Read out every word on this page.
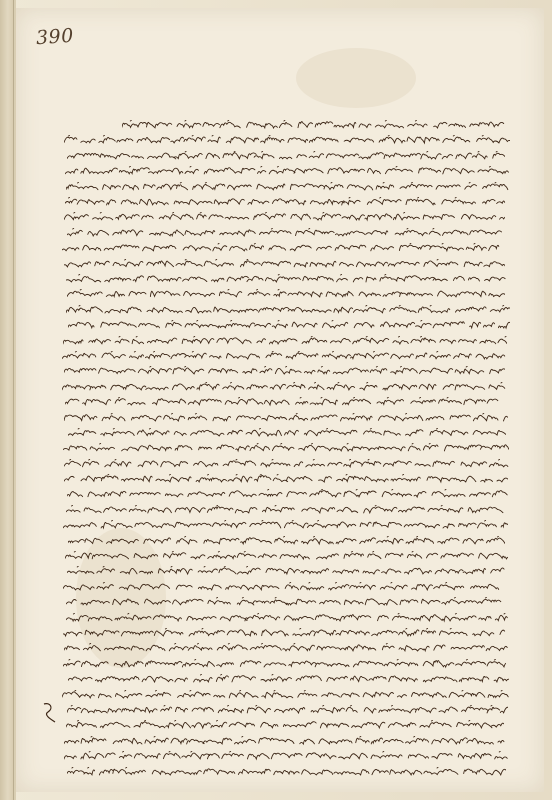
390
